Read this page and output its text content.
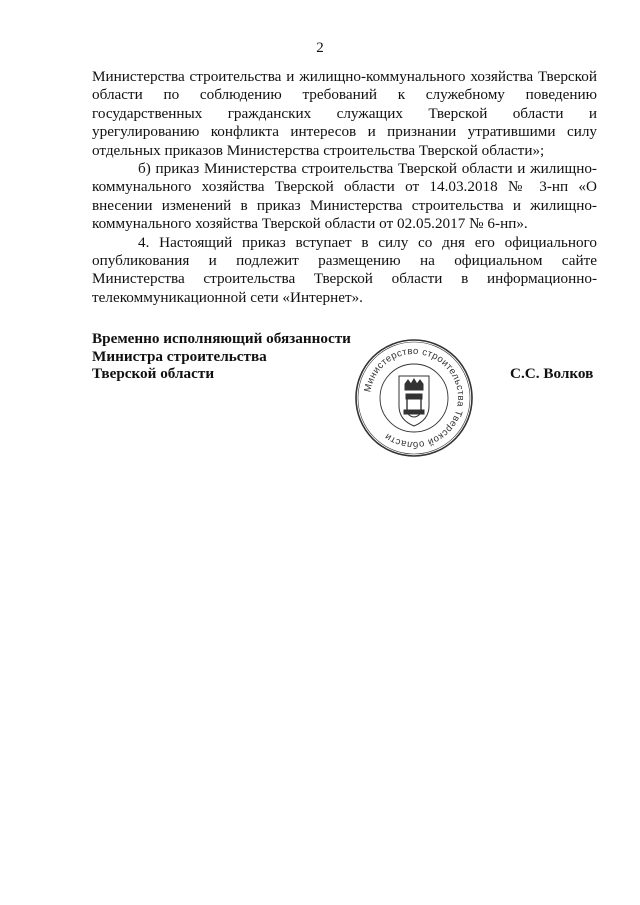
2

Министерства строительства и жилищно-коммунального хозяйства Тверской области по соблюдению требований к служебному поведению государственных гражданских служащих Тверской области и урегулированию конфликта интересов и признании утратившими силу отдельных приказов Министерства строительства Тверской области»;

б) приказ Министерства строительства Тверской области и жилищно-коммунального хозяйства Тверской области от 14.03.2018 № 3-нп «О внесении изменений в приказ Министерства строительства и жилищно-коммунального хозяйства Тверской области от 02.05.2017 № 6-нп».

4. Настоящий приказ вступает в силу со дня его официального опубликования и подлежит размещению на официальном сайте Министерства строительства Тверской области в информационно-телекоммуникационной сети «Интернет».

Временно исполняющий обязанности
Министра строительства
Тверской области
Министерство строительства Тверской области
С.С. Волков
